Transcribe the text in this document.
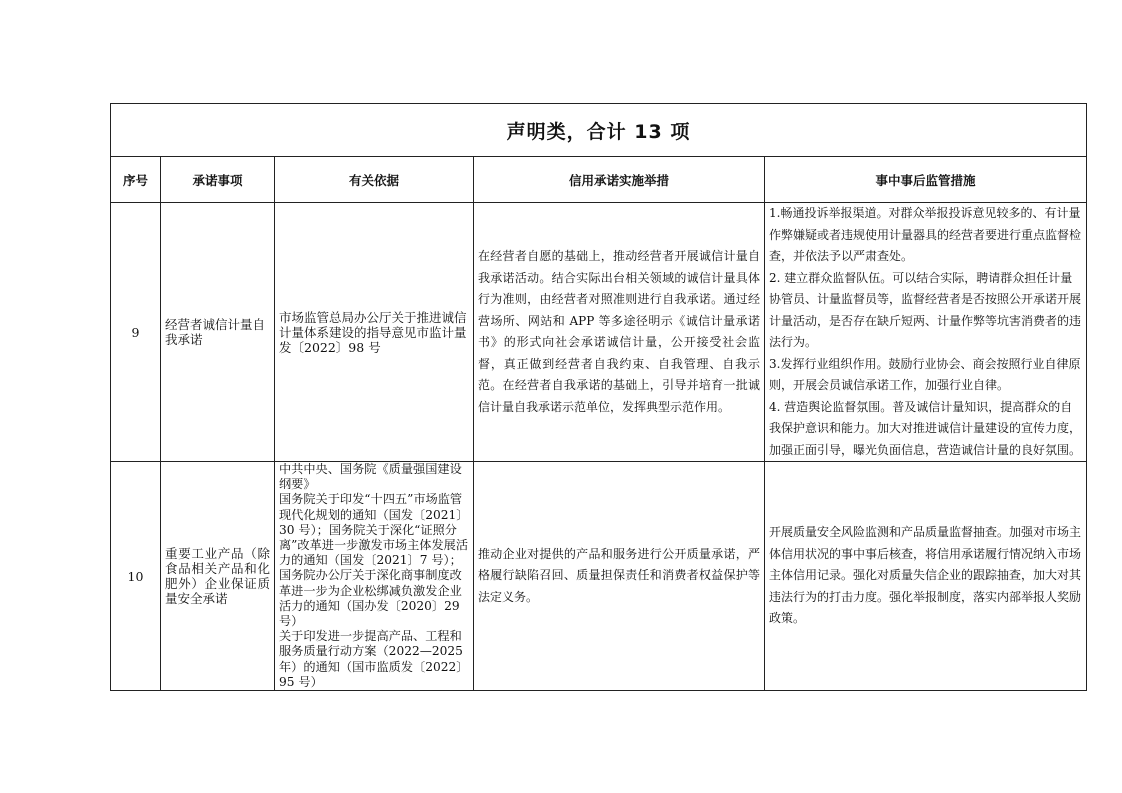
声明类，合计 13 项				
序号	承诺事项	有关依据	信用承诺实施举措	事中事后监管措施
9	经营者诚信计量自我承诺	市场监管总局办公厅关于推进诚信计量体系建设的指导意见市监计量发〔2022〕98 号	在经营者自愿的基础上，推动经营者开展诚信计量自我承诺活动。结合实际出台相关领域的诚信计量具体行为准则，由经营者对照准则进行自我承诺。通过经营场所、网站和 APP 等多途径明示《诚信计量承诺书》的形式向社会承诺诚信计量，公开接受社会监督，真正做到经营者自我约束、自我管理、自我示范。在经营者自我承诺的基础上，引导并培育一批诚信计量自我承诺示范单位，发挥典型示范作用。	1.畅通投诉举报渠道。对群众举报投诉意见较多的、有计量作弊嫌疑或者违规使用计量器具的经营者要进行重点监督检查，并依法予以严肃查处。
2. 建立群众监督队伍。可以结合实际，聘请群众担任计量协管员、计量监督员等，监督经营者是否按照公开承诺开展计量活动，是否存在缺斤短两、计量作弊等坑害消费者的违法行为。
3.发挥行业组织作用。鼓励行业协会、商会按照行业自律原则，开展会员诚信承诺工作，加强行业自律。
4. 营造舆论监督氛围。普及诚信计量知识，提高群众的自我保护意识和能力。加大对推进诚信计量建设的宣传力度，加强正面引导，曝光负面信息，营造诚信计量的良好氛围。

10	重要工业产品（除食品相关产品和化肥外）企业保证质量安全承诺	中共中央、国务院《质量强国建设纲要》
国务院关于印发“十四五”市场监管现代化规划的通知（国发〔2021〕30 号）；国务院关于深化“证照分离”改革进一步激发市场主体发展活力的通知（国发〔2021〕7 号）；国务院办公厅关于深化商事制度改革进一步为企业松绑减负激发企业活力的通知（国办发〔2020〕29 号）
关于印发进一步提高产品、工程和服务质量行动方案（2022—2025 年）的通知（国市监质发〔2022〕95 号）	推动企业对提供的产品和服务进行公开质量承诺，严格履行缺陷召回、质量担保责任和消费者权益保护等法定义务。	开展质量安全风险监测和产品质量监督抽查。加强对市场主体信用状况的事中事后核查，将信用承诺履行情况纳入市场主体信用记录。强化对质量失信企业的跟踪抽查，加大对其违法行为的打击力度。强化举报制度，落实内部举报人奖励政策。
